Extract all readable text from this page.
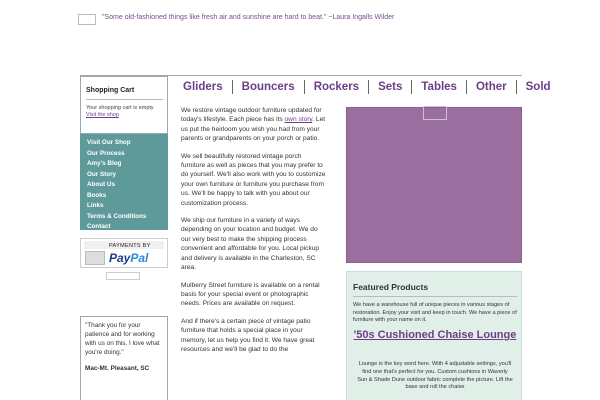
"Some old-fashioned things like fresh air and sunshine are hard to beat." ~Laura Ingalls Wilder
Shopping Cart
Your shopping cart is empty
Visit the shop
Visit Our Shop
Our Process
Amy's Blog
Our Story
About Us
Books
Links
Terms & Conditions
Contact
PAYMENTS BY
PayPal
"Thank you for your patience and for working with us on this. I love what you're doing."
Mac-Mt. Pleasant, SC
Gliders	Bouncers	Rockers	Sets	Tables	Other	Sold

We restore vintage outdoor furniture updated for today's lifestyle. Each piece has its own story. Let us put the heirloom you wish you had from your parents or grandparents on your porch or patio.

We sell beautifully restored vintage porch furniture as well as pieces that you may prefer to do yourself. We'll also work with you to customize your own furniture or furniture you purchase from us. We'll be happy to talk with you about our customization process.

We ship our furniture in a variety of ways depending on your location and budget. We do our very best to make the shipping process convenient and affordable for you. Local pickup and delivery is available in the Charleston, SC area.

Mulberry Street furniture is available on a rental basis for your special event or photographic needs. Prices are available on request.

And if there's a certain piece of vintage patio furniture that holds a special place in your memory, let us help you find it. We have great resources and we'll be glad to do the

Featured Products
We have a warehouse full of unique pieces in various stages of restoration. Enjoy your visit and keep in touch. We have a piece of furniture with your name on it.
'50s Cushioned Chaise Lounge
Lounge is the key word here. With 4 adjustable settings, you'll find one that's perfect for you. Custom cushions in Waverly Sun & Shade Dune outdoor fabric complete the picture. Lift the base and roll the chaise
